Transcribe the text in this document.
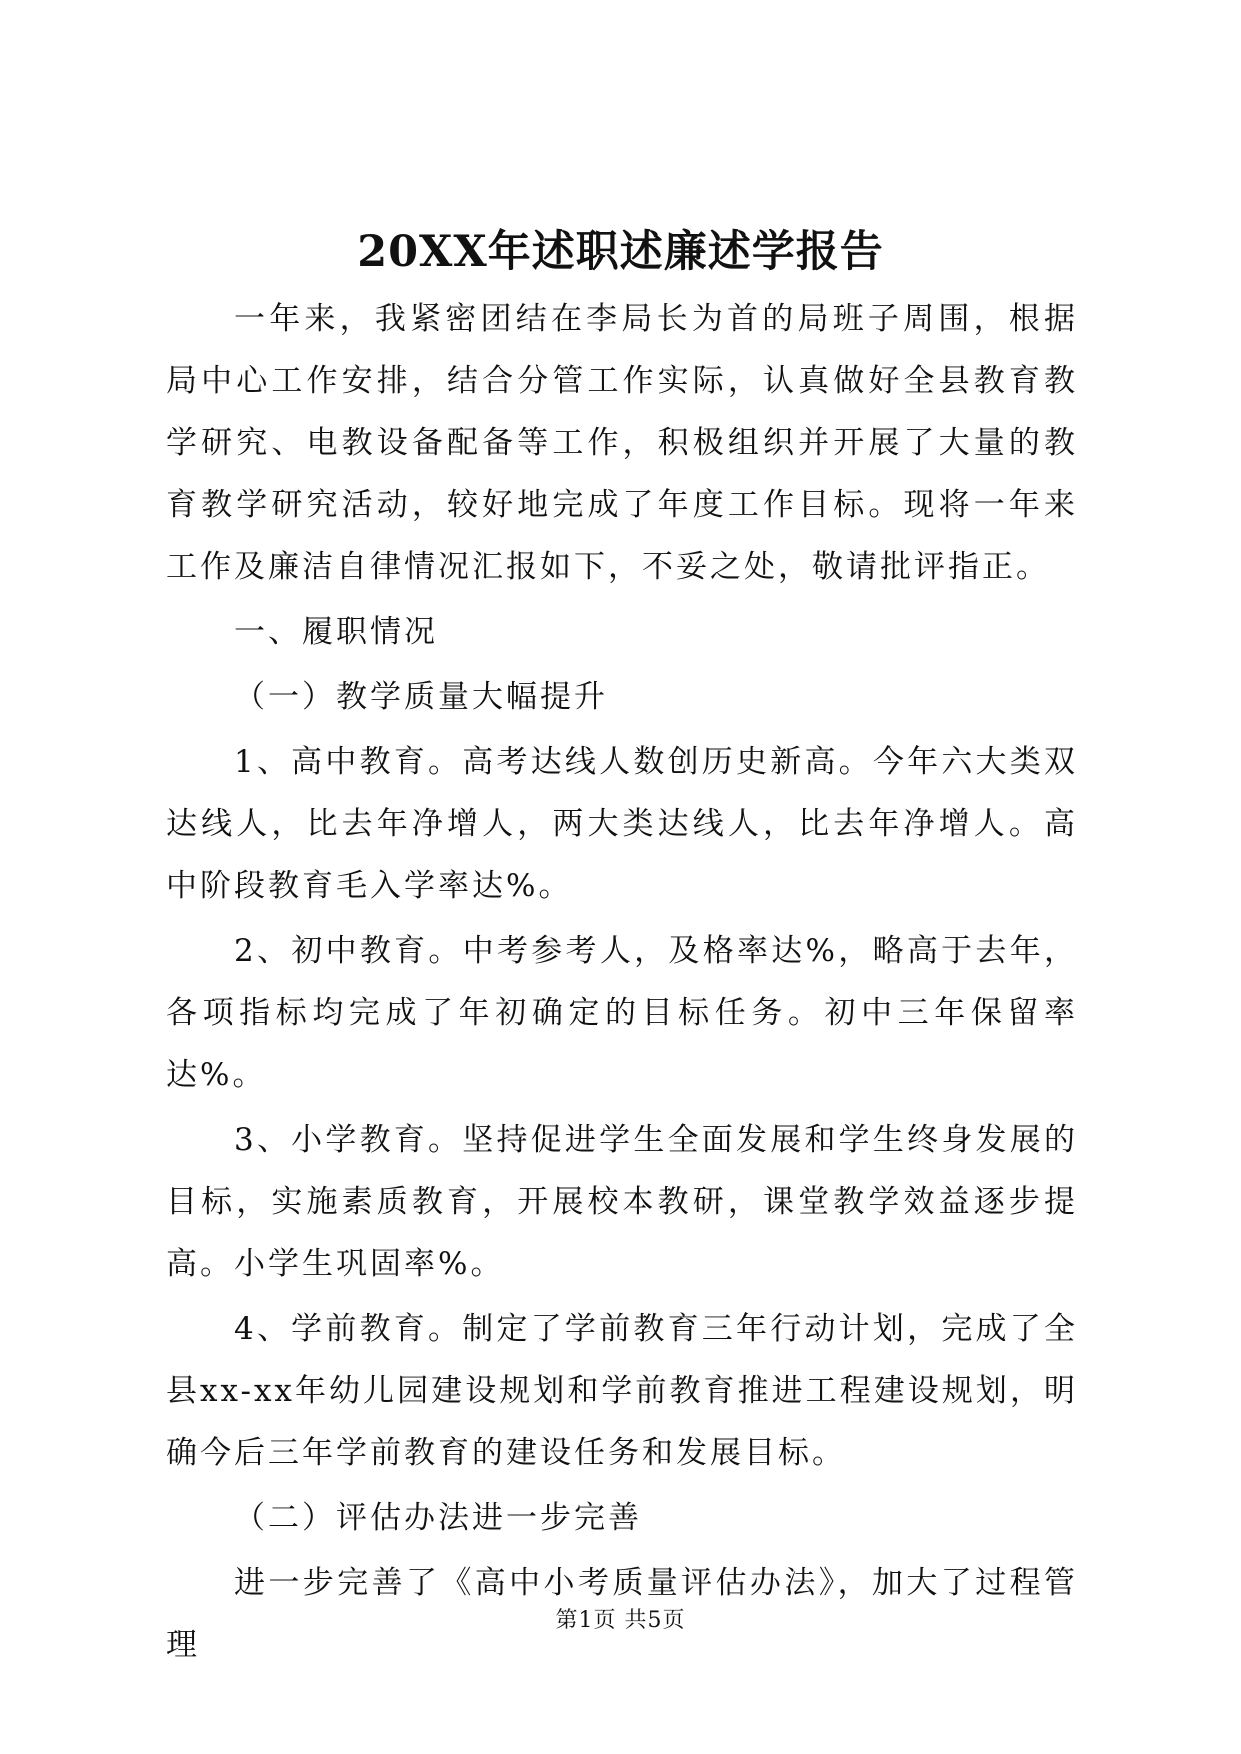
20XX年述职述廉述学报告

一年来，我紧密团结在李局长为首的局班子周围，根据局中心工作安排，结合分管工作实际，认真做好全县教育教学研究、电教设备配备等工作，积极组织并开展了大量的教育教学研究活动，较好地完成了年度工作目标。现将一年来工作及廉洁自律情况汇报如下，不妥之处，敬请批评指正。

一、履职情况

（一）教学质量大幅提升

1、高中教育。高考达线人数创历史新高。今年六大类双达线人，比去年净增人，两大类达线人，比去年净增人。高中阶段教育毛入学率达%。

2、初中教育。中考参考人，及格率达%，略高于去年，各项指标均完成了年初确定的目标任务。初中三年保留率达%。

3、小学教育。坚持促进学生全面发展和学生终身发展的目标，实施素质教育，开展校本教研，课堂教学效益逐步提高。小学生巩固率%。

4、学前教育。制定了学前教育三年行动计划，完成了全县xx-xx年幼儿园建设规划和学前教育推进工程建设规划，明确今后三年学前教育的建设任务和发展目标。

（二）评估办法进一步完善

进一步完善了《高中小考质量评估办法》，加大了过程管理

第1页 共5页
